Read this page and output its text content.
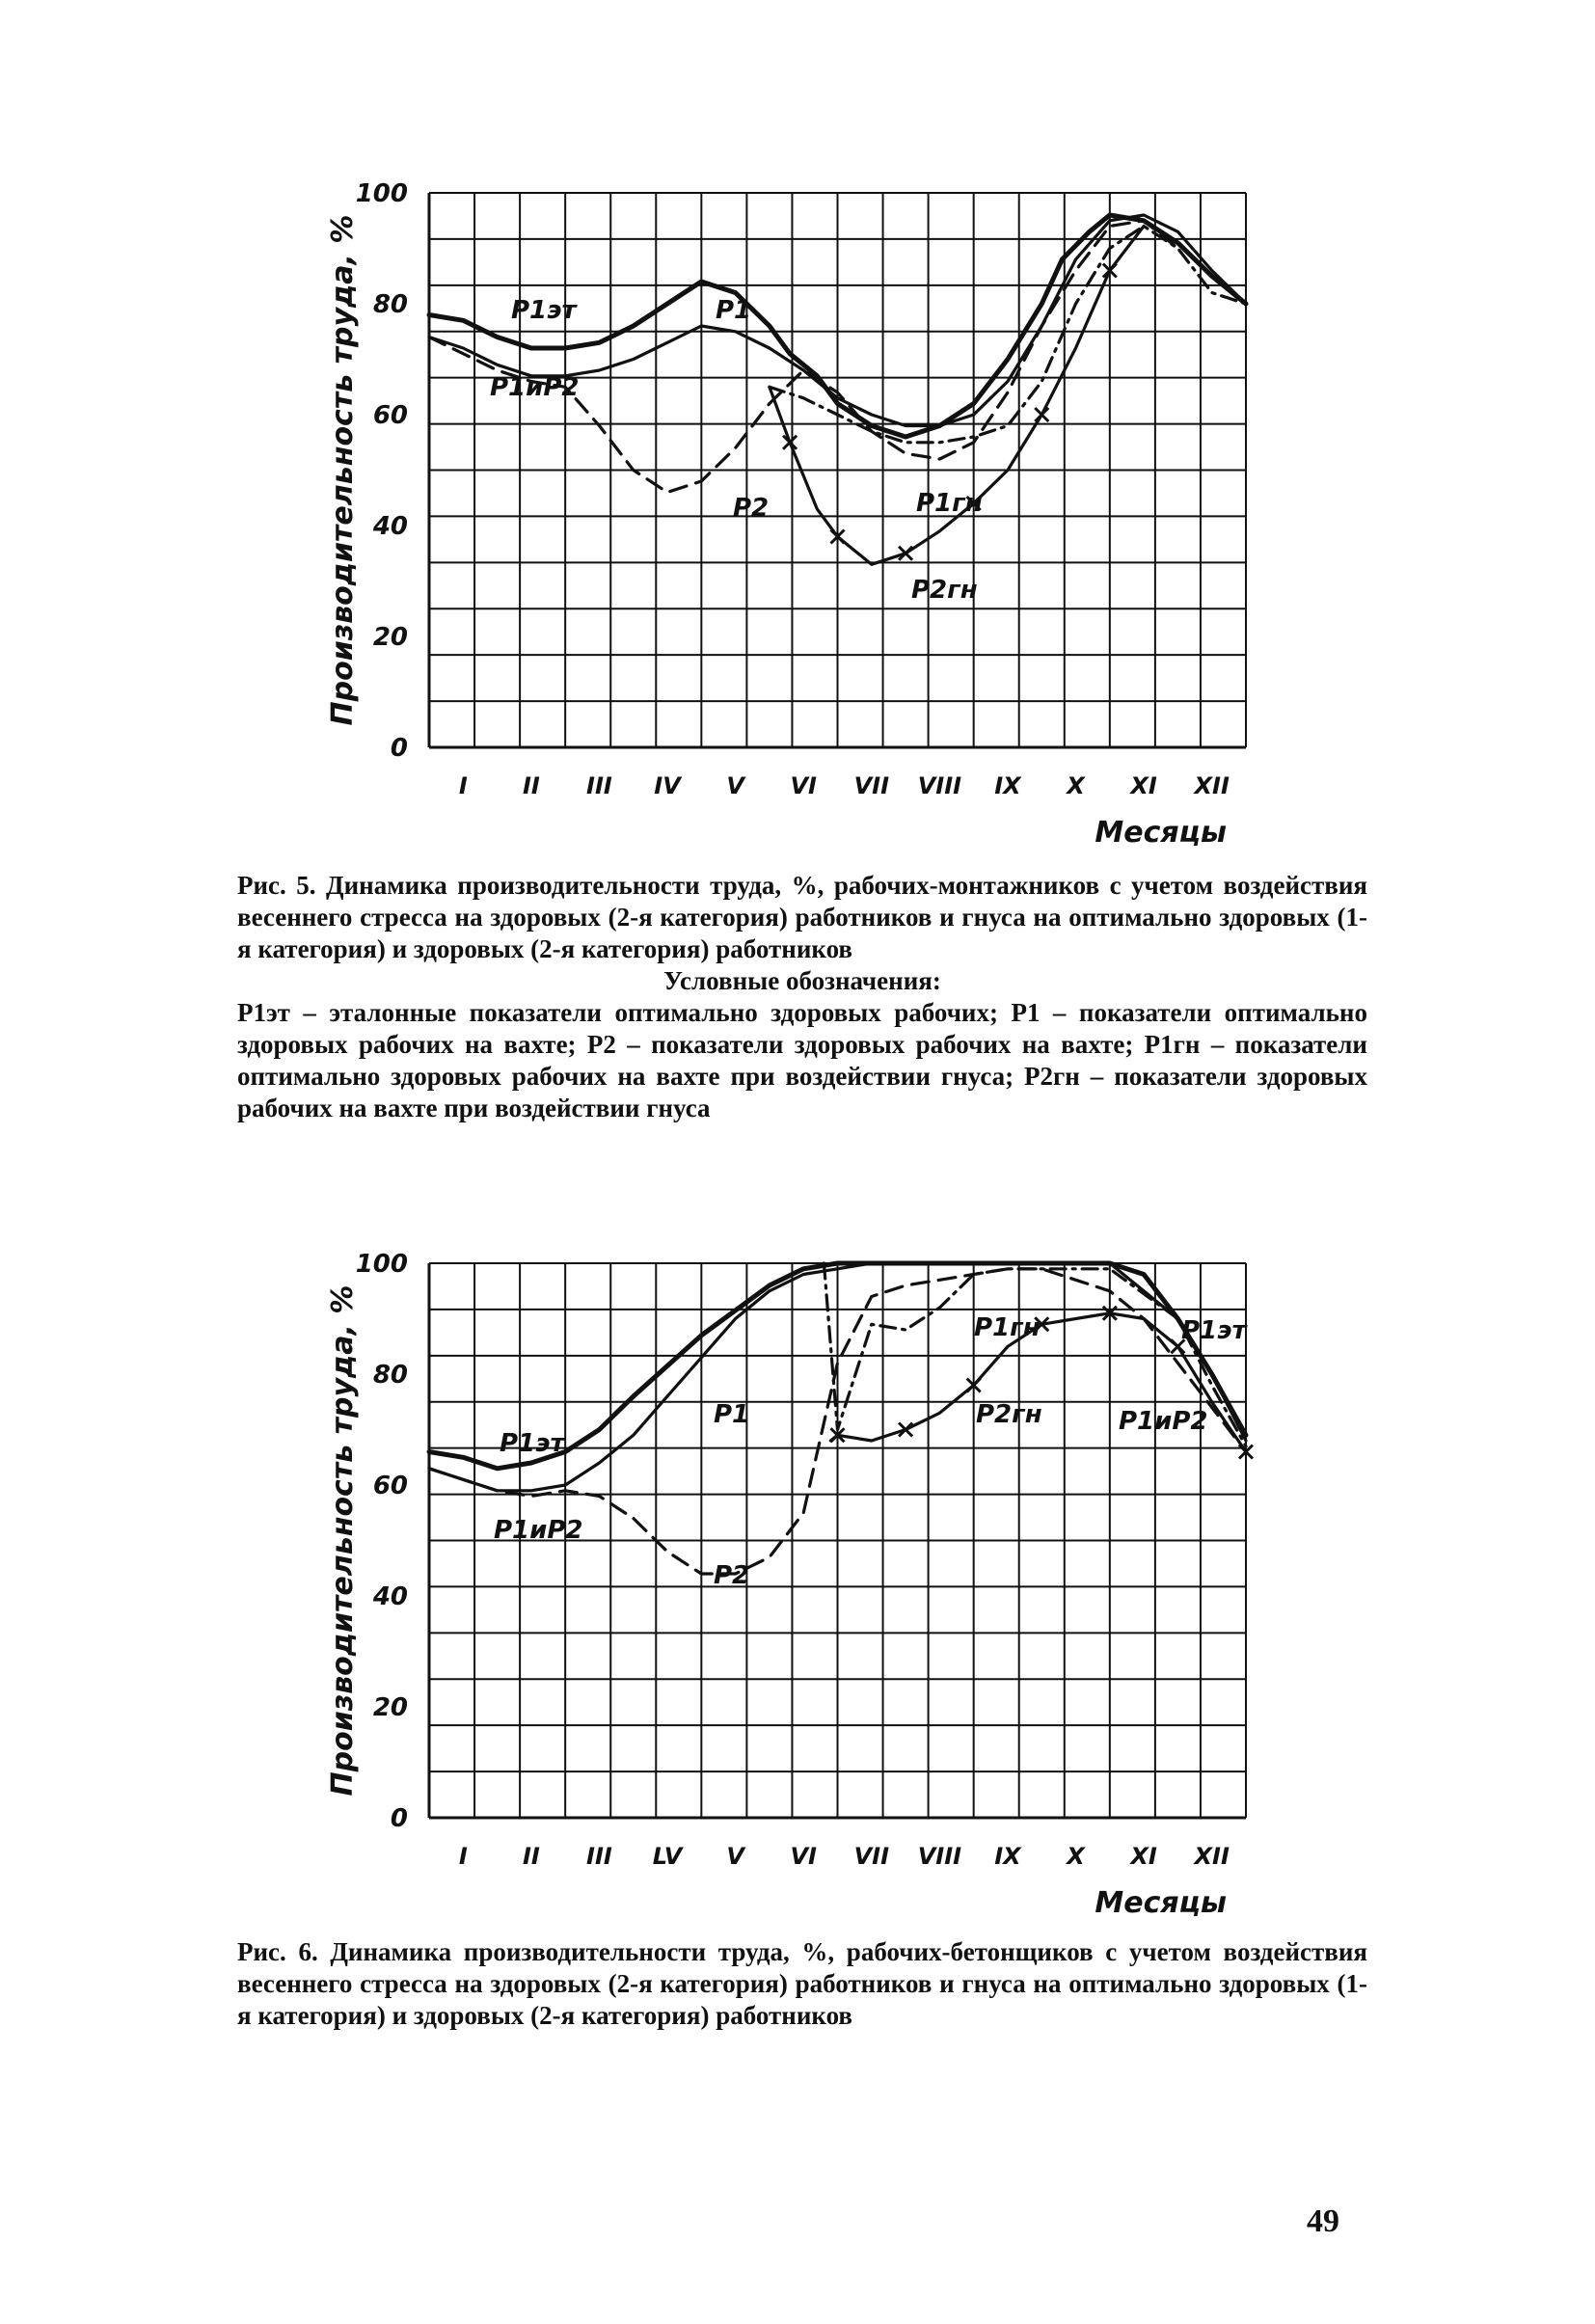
0
20
40
60
80
100
I II III IV V VI VII VIII IX X XI XII
Месяцы
Производительность труда, %	Р1эт	Р1
Р1иР2
Р2	Р1гн
Р2гн
Рис. 5. Динамика производительности труда, %, рабочих-монтажников с учетом воздействия весеннего стресса на здоровых (2-я категория) работников и гнуса на оптимально здоровых (1-я категория) и здоровых (2-я категория) работников
Условные обозначения:
Р1эт – эталонные показатели оптимально здоровых рабочих; Р1 – показатели оптимально здоровых рабочих на вахте; Р2 – показатели здоровых рабочих на вахте; Р1гн – показатели оптимально здоровых рабочих на вахте при воздействии гнуса; Р2гн – показатели здоровых рабочих на вахте при воздействии гнуса
0
20
40
60
80
100
I II III LV V VI VII VIII IX X XI XII
Месяцы
Производительность труда, %	Р1эт
Р1
Р1иР2
Р2
Р1гн
Р2гн
Р1эт
Р1иР2
Рис. 6. Динамика производительности труда, %, рабочих-бетонщиков с учетом воздействия весеннего стресса на здоровых (2-я категория) работников и гнуса на оптимально здоровых (1-я категория) и здоровых (2-я категория) работников
49
